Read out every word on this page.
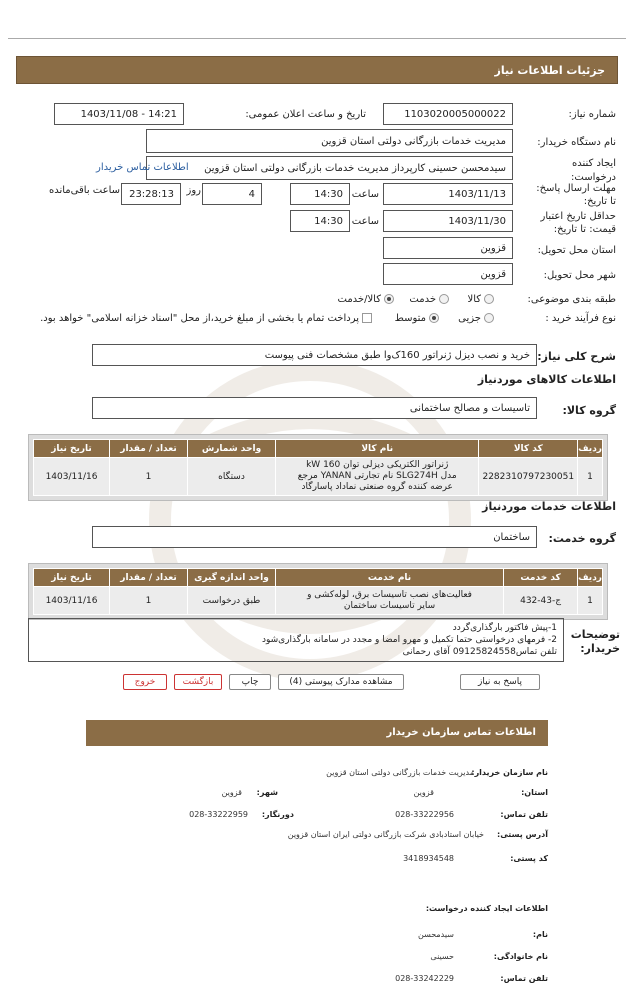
جزئیات اطلاعات نیاز
شماره نیاز:
1103020005000022
تاریخ و ساعت اعلان عمومی:
1403/11/08 - 14:21
نام دستگاه خریدار:
مدیریت خدمات بازرگانی دولتی استان قزوین
ایجاد کننده درخواست:
سیدمحسن حسینی کارپرداز مدیریت خدمات بازرگانی دولتی استان قزوین
اطلاعات تماس خریدار
مهلت ارسال پاسخ: تا تاریخ:
1403/11/13
ساعت
14:30
4
روز
23:28:13
ساعت باقی‌مانده
حداقل تاریخ اعتبار قیمت: تا تاریخ:
1403/11/30
ساعت
14:30
استان محل تحویل:
قزوین
شهر محل تحویل:
قزوین
طبقه بندی موضوعی:
کالا
خدمت
کالا/خدمت
نوع فرآیند خرید :
جزیی
متوسط
پرداخت تمام یا بخشی از مبلغ خرید،از محل "اسناد خزانه اسلامی" خواهد بود.
شرح کلی نیاز:
خرید و نصب دیزل ژنراتور 160ک‌وا طبق مشخصات فنی پیوست
اطلاعات کالاهای موردنیاز
گروه کالا:
تاسیسات و مصالح ساختمانی
ردیف	کد کالا	نام کالا	واحد شمارش	تعداد / مقدار	تاریخ نیاز
1	2282310797230051	ژنراتور الکتریکی دیزلی توان 160 kW
مدل SLG274H نام تجارتی YANAN مرجع
عرضه کننده گروه صنعتی نماداد پاسارگاد	دستگاه	1	1403/11/16
اطلاعات خدمات موردنیاز
گروه خدمت:
ساختمان
ردیف	کد خدمت	نام خدمت	واحد اندازه گیری	تعداد / مقدار	تاریخ نیاز
1	ج-43-432	فعالیت‌های نصب تاسیسات برق، لوله‌کشی و
سایر تاسیسات ساختمان	طبق درخواست	1	1403/11/16
توضیحات خریدار:
1-پیش فاکتور بارگذاری‌گردد
2- فرمهای درخواستی حتما تکمیل و مهرو امضا و مجدد در سامانه بارگذاری‌شود
تلفن تماس09125824558 آقای رحمانی
پاسخ به نیاز
مشاهده مدارک پیوستی (4)
چاپ
بازگشت
خروج
اطلاعات تماس سازمان خریدار
نام سازمان خریدار:
مدیریت خدمات بازرگانی دولتی استان قزوین
استان:
قزوین
شهر:
قزوین
تلفن تماس:
028-33222956
دورنگار:
028-33222959
آدرس پستی:
خیابان استادبادی شرکت بازرگانی دولتی ایران استان قزوین
کد پستی:
3418934548
اطلاعات ایجاد کننده درخواست:
نام:
سیدمحسن
نام خانوادگی:
حسینی
تلفن تماس:
028-33242229
